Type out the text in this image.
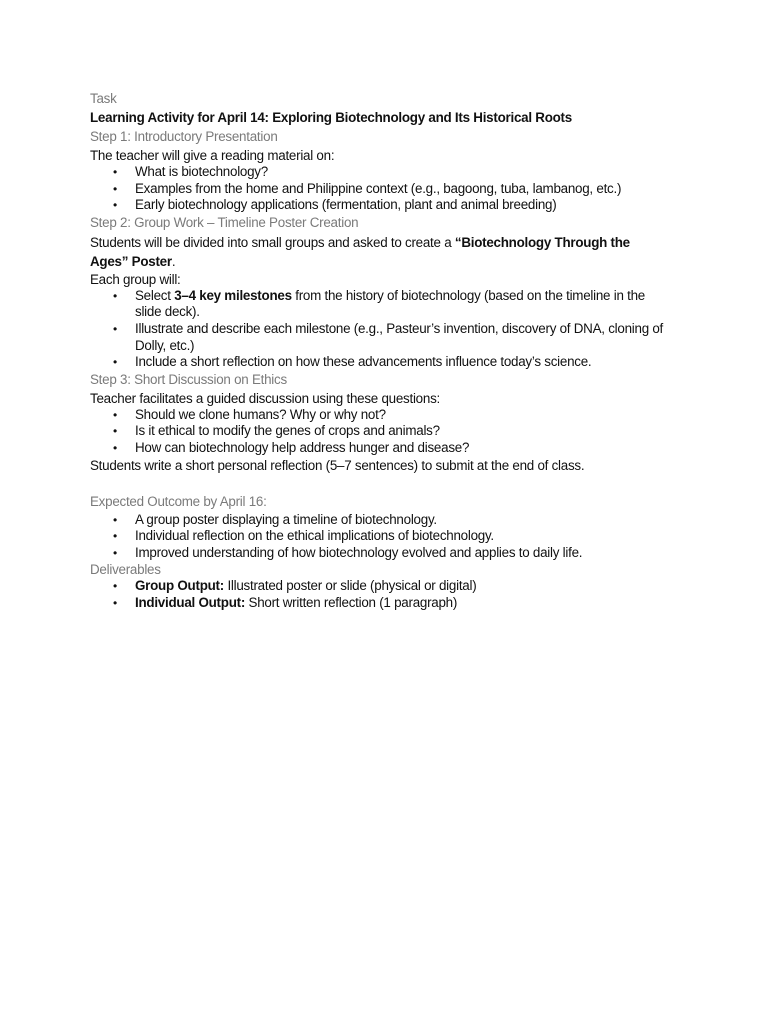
Task

Learning Activity for April 14: Exploring Biotechnology and Its Historical Roots

Step 1: Introductory Presentation

The teacher will give a reading material on:

• What is biotechnology?
• Examples from the home and Philippine context (e.g., bagoong, tuba, lambanog, etc.)
• Early biotechnology applications (fermentation, plant and animal breeding)

Step 2: Group Work – Timeline Poster Creation

Students will be divided into small groups and asked to create a “Biotechnology Through the Ages” Poster.

Each group will:

• Select 3–4 key milestones from the history of biotechnology (based on the timeline in the slide deck).
• Illustrate and describe each milestone (e.g., Pasteur’s invention, discovery of DNA, cloning of Dolly, etc.)
• Include a short reflection on how these advancements influence today’s science.

Step 3: Short Discussion on Ethics

Teacher facilitates a guided discussion using these questions:

• Should we clone humans? Why or why not?
• Is it ethical to modify the genes of crops and animals?
• How can biotechnology help address hunger and disease?

Students write a short personal reflection (5–7 sentences) to submit at the end of class.

Expected Outcome by April 16:

• A group poster displaying a timeline of biotechnology.
• Individual reflection on the ethical implications of biotechnology.
• Improved understanding of how biotechnology evolved and applies to daily life.

Deliverables

• Group Output: Illustrated poster or slide (physical or digital)
• Individual Output: Short written reflection (1 paragraph)
